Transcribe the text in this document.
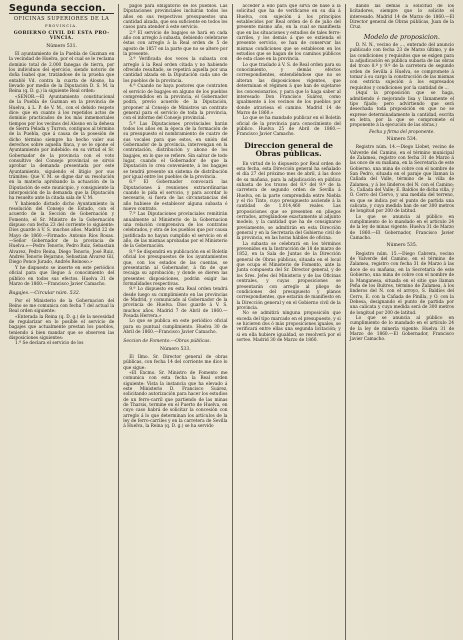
Segunda seccion.
OFICINAS SUPERIORES DE LA
PROVINCIA.
GOBIERNO CIVIL DE ESTA PRO-VINCIA.
Número 531.

El ayuntamiento de la Puebla de Guzman en la vecindad de Huelva, por el cual se le reclama dominio total de 2.000 fanegas de tierra, por los individuos del ejercicio, siendo notorio de doña Isabel que, tratándose de la prueba que entabló Vd. contra la cuarta de Alosno, ha llevado por medio de la Diputación D. S. M. la Reina (q. D. g.) la siguiente Real orden:

«SEÑOR.—El Ayuntamiento constitucional de la Puebla de Guzman en la provincia de Huelva, á L. P. de V. M., con el debido respeto dice: que en cuanto á los repetidos actos de dominio practicados de los más inmemoriales tiempos por los vecinos del Alosno en la dehesa de Sierra Pelada y Turron, contiguos al término de la Puebla, que á causa de la posesión de dicho término siempre ha hecho valer sus derechos sobre aquella finca, y se le opone el Ayuntamiento por indebido: en su virtud el Sr. Gobernador de la provincia con el voto consultivo del Consejo provincial se sirvió aprobar la demanda presentada por este Ayuntamiento, siguiendo el litigio por sus trámites: Que V. M. se digne dar su resolución en la materia aprobando la actuación de la Diputación de este municipio, y consiguiente la interposición de la demanda que la Diputación ha resuelto ante la citada sala de V. M.

Y habiendo dictado dicho Ayuntamiento la resolución del Consejo de Estado, con el acuerdo de la Sección de Gobernación y Fomento, el Sr. Ministro de la Gobernación dispuso con fecha 23 del corriente lo siguiente: Dios guarde á V. S. muchos años. Madrid 22 de Mayo de 1860.—Firmado: Antonio Rios Rosas.—Señor Gobernador de la provincia de Huelva.»—Pedro Tenorio, Pedro Ruiz, Sebastian Alvarez, Pedro Reina, Diego Tenorio, José Ruiz, Andrés Tenorio Bejarano, Sebastian Alvarez Gil, Diego Ponce Jurado, Andrés Reinoso.»

Y he dispuesto se inserte en este periódico oficial para que llegue á conocimiento del público en todos sus efectos. Huelva 31 de Marzo de 1860.—Francisco Javier Camacho.

Bagajes.—Circular núm. 532.

Por el Ministerio de la Gobernacion del Reino se me comunica con fecha 7 del actual la Real orden siguiente:

«Enterada la Reina (q. D. g.) de la necesidad de regularizar en lo posible el servicio de bagajes que actualmente prestan los pueblos, teniendo á bien mandar que se observen las disposiciones siguientes:

1.ª Se declara el servicio de los

pagos para obligatorio de los pueblos. Las Diputaciones provinciales incluirán todos los años en sus respectivos presupuestos una cantidad alzada, que sea suficiente en todos los casos para atender á este servicio.

2.ª El servicio de bagajes se hará en cada año con arreglo á subasta, debiendo celebrarse éstas con arreglo á la Real orden de 5 de agosto de 1857 en la parte que no se altere por la presente.

3.ª Verificada dos veces la subasta con arreglo á la Real orden citada y no habiendo ofrecido resultado, se repetirá aquella por una cantidad alzada en la Diputación cada uno de los pueblos de la provincia.

4.ª Cuando no haya postores que contraten el servicio de bagajes en alguno de los pueblos comprendidos en la provincia, el Gobernador podrá, previo acuerdo de la Diputación, proponer al Consejo de Ministros un contrato general para el servicio de toda la provincia, con el informe del Consejo provincial.

5.ª Las Diputaciones provinciales harán todos los años en la época de la formación de su presupuesto el nombramiento de cuatro de sus vocales para que estos, en unión del Gobernador de la provincia, intervengan en la contratación, distribución y abono de los bagajes, en lo que se refiere. Sin salvar de todo lugar, cuando el Gobernador de que la Diputación lo crea conveniente, á los bagajes se tendrá presente un sistema de distribución por igual entre los pueblos de la provincia.

6.ª El Gobernador convocará las Diputaciones á reuniones extraordinarias cuando lo pida el servicio, y para acordar lo necesario, si fuera de las circunstancias del año hubiese de establecer alguna subasta ó nuevo contrato.

7.ª Las Diputaciones provinciales remitirán anualmente al Ministerio de la Gobernacion una relación comprensiva de los contratos celebrados, y otra de los pueblos que por causa justificada no hayan cumplido el servicio en el año, de las mismas aprobadas por el Ministerio de la Gobernación.

8.ª Se dispondrá en publicación en el Boletín oficial los presupuestos de los ayuntamientos que, con los estados de las cuentas, se presentarán al Gobernador, á fin de que recaiga su aprobación; y donde se dieren las presentes disposiciones, podrán exigir las formalidades respectivas.

9.ª Lo dispuesto en esta Real orden tendrá desde luego su cumplimiento en las provincias de Madrid, y comunicado al Gobernador de la provincia de Huelva. Dios guarde á V. S. muchos años. Madrid 7 de Abril de 1860.—Posada Herrera.»

Lo que se publica en este periódico oficial para su puntual cumplimiento. Huelva 30 de Abril de 1860.—Francisco Javier Camacho.

Seccion de Fomento.—Obras públicas.
Número 533.

El Ilmo. Sr. Director general de obras públicas, con fecha 14 del corriente me dice lo que sigue:

«El Excmo. Sr. Ministro de Fomento me comunica con esta fecha la Real orden siguiente: Vista la instancia que ha elevado á este Ministerio D. Francisco Suárez, solicitando autorización para hacer los estudios de un ferro-carril que partiendo de las minas de Tharsis, termine en el Puerto de Huelva, en cuyo caso habrá de solicitar la concesión con arreglo á lo que determinan los artículos de la ley de ferro-carriles y en la carretera de Sevilla á Huelva, la Reina (q. D. g.) se ha servido

acceder á ello para que sirva de base á la solicitud que ha de verificarse en su día á Huelva, con sujeción á los principios establecidos por Real orden de 6 de julio del presente mismo año, en la cual se manifiesta que en las situaciones y estudios de tales ferro-carriles, y los demás á que se extienda el presente servicio, se han de conservar las mismas condiciones que se establecen en los estudios que se hagan de los caminos públicos de esta clase en la provincia.

Lo que traslado á V. S. de Real orden para su conocimiento, y demás efectos correspondientes, entendiéndose que no se alteran las disposiciones vigentes, que determinan el régimen á que han de sujetarse los concesionarios, y para que lo haga saber al interesado Don Francisco Suárez, como igualmente á los vecinos de los pueblos por donde atraviesa el camino. Madrid 14 de Marzo de 1860.»

Lo que se ha mandado publicar en el Boletín oficial de la provincia para conocimiento del público. Huelva 25 de Abril de 1860.—Francisco Javier Camacho.

Direccion general de Obras públicas.

En virtud de lo dispuesto por Real orden de esta fecha, esta Dirección general ha señalado el día 27 del próximo mes de abril, á las doce de su mañana, para la adjudicación en pública subasta de los trozos del 8.º del 9.º de la carretera de segundo orden de Sevilla á Huelva, en la parte comprendida entre Niebla y el río Tinto, cuyo presupuesto asciende á la cantidad de 1.014,460 reales. Las proposiciones que se presenten en pliegos cerrados, arreglándose exactamente al adjunto modelo, y la cantidad que ha de consignarse previamente, se admitirán en esta Dirección general y en la Secretaría del Gobierno civil de la provincia, en las horas hábiles de oficina.

La subasta se celebrará en los términos prevenidos en la Instrucción de 18 de marzo de 1852, en la Sala de Juntas de la Dirección general de Obras públicas, situada en el local que ocupa el Ministerio de Fomento, ante la Junta compuesta del Sr. Director general, y de los Sres. Jefes del Ministerio y de las Oficinas centrales, y cuyas proposiciones se presentarán con arreglo al pliego de condiciones del presupuesto y planos correspondientes, que estarán de manifiesto en la Dirección general y en el Gobierno civil de la provincia.

No se admitirá ninguna proposición que exceda del tipo marcado en el presupuesto, y si se hicieren dos ó más proposiciones iguales, se verificará entre ellas una segunda licitación; y si en ella hubiere igualdad, se resolverá por el sorteo. Madrid 30 de Marzo de 1860.

dando las demás á solicitud de los licitadores, siempre que lo solicite el interesado. Madrid 14 de Marzo de 1860.—El Director general de Obras públicas, Juan de la Cruz.

Modelo de proposicion.

D. N. N., vecino de ..., enterado del anuncio publicado con fecha 23 de Marzo último, y de las condiciones y requisitos que se exigen para la adjudicación en pública subasta de las obras del trozo 8.º y 9.º de la carretera de segundo orden de Sevilla á Huelva, se compromete á tomar á su cargo la construcción de las mismas con estricta sujeción á los expresados requisitos y condiciones por la cantidad de ...

(Aquí la proposición que se haga, admitiendo ó mejorando lisa y llanamente el tipo fijado; pero advirtiendo que será desechada toda proposición en que no se exprese determinadamente la cantidad, escrita en letra, por la que se compromete el proponente á la ejecución de las obras.)

Fecha y firma del proponente.
Número 534.

Registro núm. 14.—Diego Llobet, vecino de Valverde del Camino, en el término municipal de Zalamea, registro con fecha 31 de Marzo á las once de su mañana, en la Secretaría de este Gobierno, una mina de cobre con el nombre de San Pedro, situada en el paraje que llaman la Cañada del Valle, término de la villa de Zalamea, y á los linderos del N. con el Camino; S., Cañada del Valle; E. Baldíos de dicha villa, y O. Cerro del Ciervo, y una medida del terreno, en que se indica por el punto de partida una calicata, y cuya medida han de ser 300 metros de longitud por 200 de latitud.

Lo que se anuncia al público en cumplimiento de lo mandado en el artículo 24 de la ley de minas vigente. Huelva 31 de Marzo de 1860.—El Gobernador, Francisco Javier Camacho.

Número 535.

Registro núm. 15.—Diego Cabrera, vecino de Valverde del Camino, en el término de Zalamea, registro con fecha 31 de Marzo á las doce de su mañana, en la Secretaría de este Gobierno, una mina de cobre con el nombre de la Manganesa, situada en el sitio que llaman Peña de los Buitres, término de Zalamea, á los linderos del N. con el arroyo, S. Baldíos del Cerro, E. con la Cañada de Pinilla, y O. con la Dehesa, designando el punto de partida por una calicata y cuya medida será de 300 metros de longitud por 200 de latitud.

Lo que se anuncia al público en cumplimiento de lo mandado en el artículo 24 de la ley de minería vigente. Huelva 31 de Marzo de 1860.—El Gobernador, Francisco Javier Camacho.
